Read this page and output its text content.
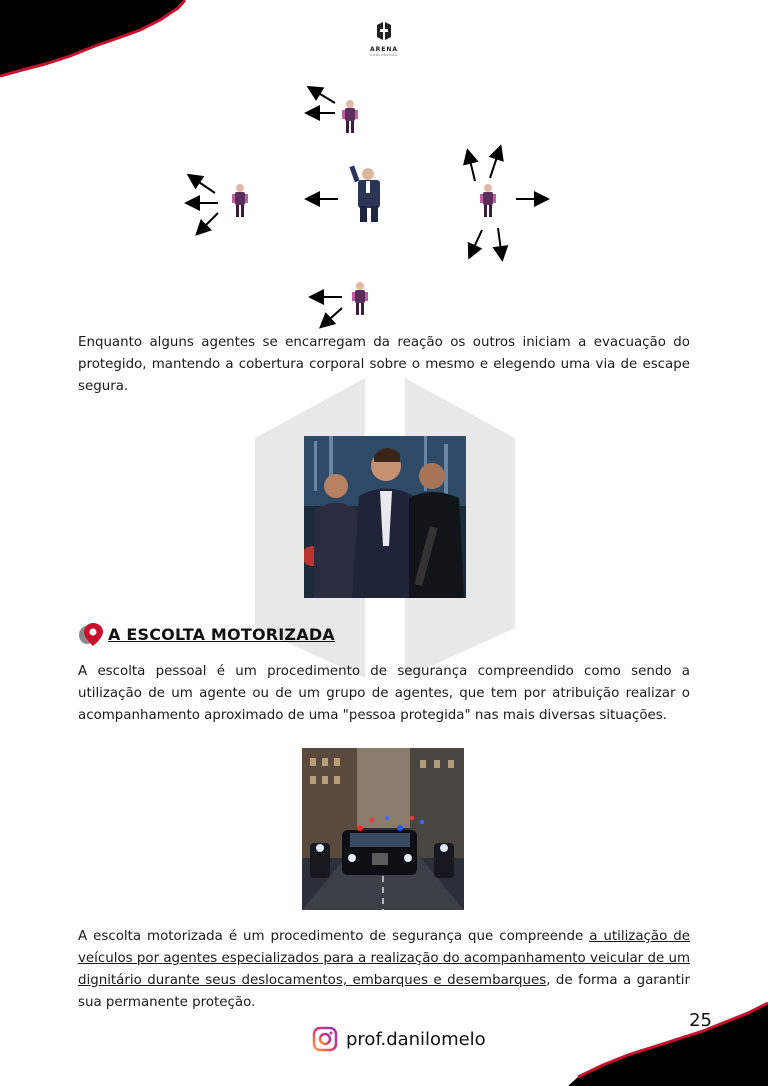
ARENA
CONCURSEIRO

Enquanto alguns agentes se encarregam da reação os outros iniciam a evacuação do protegido, mantendo a cobertura corporal sobre o mesmo e elegendo uma via de escape segura.

A ESCOLTA MOTORIZADA

A escolta pessoal é um procedimento de segurança compreendido como sendo a utilização de um agente ou de um grupo de agentes, que tem por atribuição realizar o acompanhamento aproximado de uma "pessoa protegida" nas mais diversas situações.

A escolta motorizada é um procedimento de segurança que compreende a utilização de veículos por agentes especializados para a realização do acompanhamento veicular de um dignitário durante seus deslocamentos, embarques e desembarques, de forma a garantir sua permanente proteção.

25
prof.danilomelo
